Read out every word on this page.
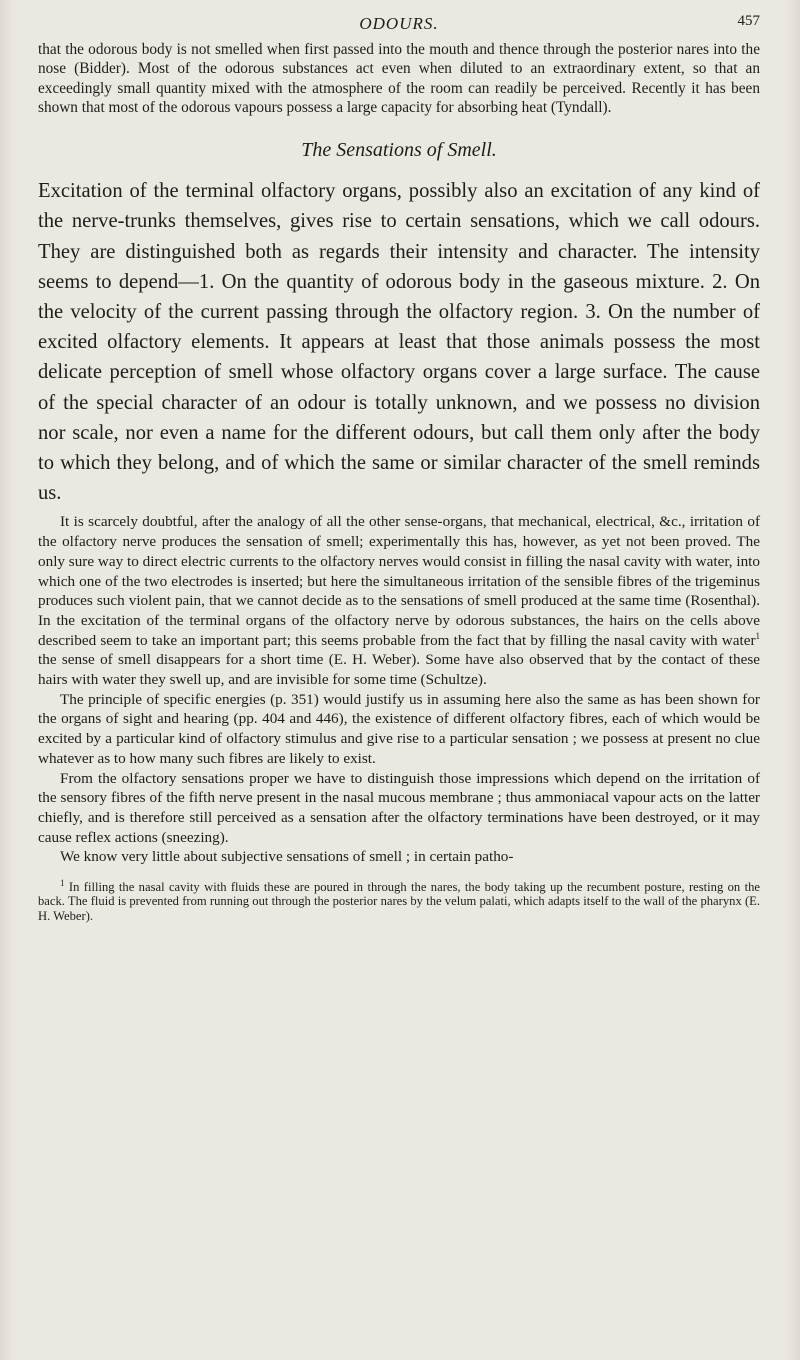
ODOURS.	457

that the odorous body is not smelled when first passed into the mouth and thence through the posterior nares into the nose (Bidder). Most of the odorous substances act even when diluted to an extraordinary extent, so that an exceedingly small quantity mixed with the atmosphere of the room can readily be perceived. Recently it has been shown that most of the odorous vapours possess a large capacity for absorbing heat (Tyndall).

The Sensations of Smell.

Excitation of the terminal olfactory organs, possibly also an excitation of any kind of the nerve-trunks themselves, gives rise to certain sensations, which we call odours. They are distinguished both as regards their intensity and character. The intensity seems to depend—1. On the quantity of odorous body in the gaseous mixture. 2. On the velocity of the current passing through the olfactory region. 3. On the number of excited olfactory elements. It appears at least that those animals possess the most delicate perception of smell whose olfactory organs cover a large surface. The cause of the special character of an odour is totally unknown, and we possess no division nor scale, nor even a name for the different odours, but call them only after the body to which they belong, and of which the same or similar character of the smell reminds us.

It is scarcely doubtful, after the analogy of all the other sense-organs, that mechanical, electrical, &c., irritation of the olfactory nerve produces the sensation of smell; experimentally this has, however, as yet not been proved. The only sure way to direct electric currents to the olfactory nerves would consist in filling the nasal cavity with water, into which one of the two electrodes is inserted; but here the simultaneous irritation of the sensible fibres of the trigeminus produces such violent pain, that we cannot decide as to the sensations of smell produced at the same time (Rosenthal). In the excitation of the terminal organs of the olfactory nerve by odorous substances, the hairs on the cells above described seem to take an important part; this seems probable from the fact that by filling the nasal cavity with water$^1$ the sense of smell disappears for a short time (E. H. Weber). Some have also observed that by the contact of these hairs with water they swell up, and are invisible for some time (Schultze).

The principle of specific energies (p. 351) would justify us in assuming here also the same as has been shown for the organs of sight and hearing (pp. 404 and 446), the existence of different olfactory fibres, each of which would be excited by a particular kind of olfactory stimulus and give rise to a particular sensation ; we possess at present no clue whatever as to how many such fibres are likely to exist.

From the olfactory sensations proper we have to distinguish those impressions which depend on the irritation of the sensory fibres of the fifth nerve present in the nasal mucous membrane ; thus ammoniacal vapour acts on the latter chiefly, and is therefore still perceived as a sensation after the olfactory terminations have been destroyed, or it may cause reflex actions (sneezing).

We know very little about subjective sensations of smell ; in certain patho-

$^1$ In filling the nasal cavity with fluids these are poured in through the nares, the body taking up the recumbent posture, resting on the back. The fluid is prevented from running out through the posterior nares by the velum palati, which adapts itself to the wall of the pharynx (E. H. Weber).
